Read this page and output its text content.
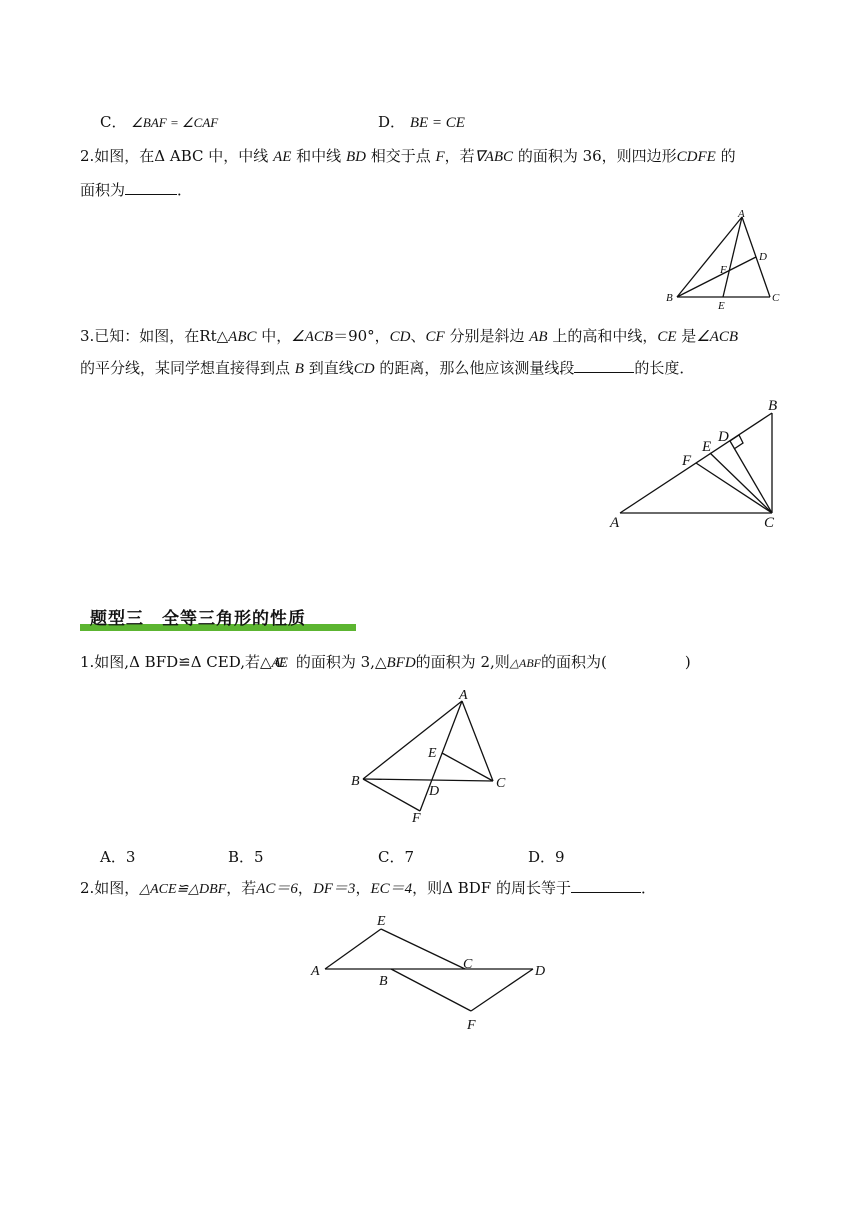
C． ∠BAF = ∠CAF	D． BE = CE
2.如图，在Δ ABC 中，中线 AE 和中线 BD 相交于点 F，若∇ABC 的面积为 36，则四边形CDFE 的
面积为	．
A
B	C
D
E
F
3.已知：如图，在Rt△ABC 中，∠ACB＝90°，CD、CF 分别是斜边 AB 上的高和中线，CE 是∠ACB
的平分线，某同学想直接得到点 B 到直线CD 的距离，那么他应该测量线段	的长度．
A
B
C
D
E
F
题型三　全等三角形的性质
1.如图,Δ BFD≌Δ CED,若△ACE 的面积为 3,△BFD的面积为 2,则△ABF的面积为(	)
A
B	C
D
E
F
A．3	B．5	C．7	D．9
2.如图，△ACE≌△DBF，若AC＝6，DF＝3，EC＝4，则Δ BDF 的周长等于	．
A
B
C	D
E
F
